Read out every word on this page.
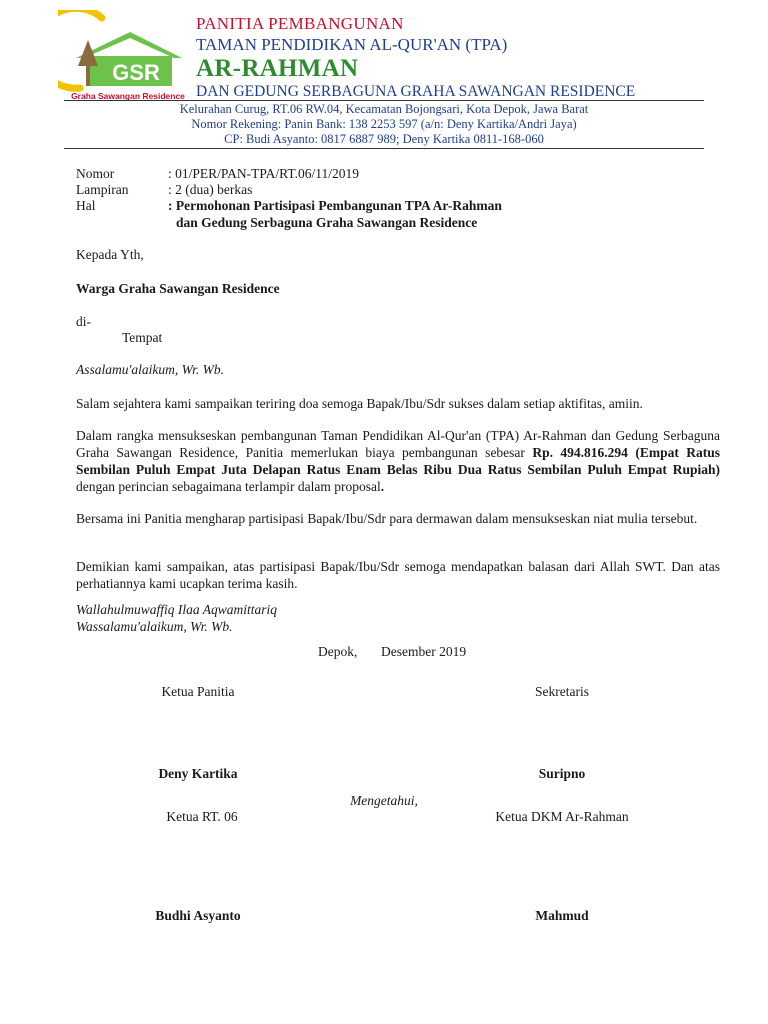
GSR
Graha Sawangan Residence
PANITIA PEMBANGUNAN
TAMAN PENDIDIKAN AL-QUR'AN (TPA)
AR-RAHMAN
DAN GEDUNG SERBAGUNA GRAHA SAWANGAN RESIDENCE
Kelurahan Curug, RT.06 RW.04, Kecamatan Bojongsari, Kota Depok, Jawa Barat
Nomor Rekening: Panin Bank: 138 2253 597 (a/n: Deny Kartika/Andri Jaya)
CP: Budi Asyanto: 0817 6887 989; Deny Kartika 0811-168-060
Nomor	: 01/PER/PAN-TPA/RT.06/11/2019
Lampiran	: 2 (dua) berkas
Hal	: Permohonan Partisipasi Pembangunan TPA Ar-Rahman
dan Gedung Serbaguna Graha Sawangan Residence
Kepada Yth,
Warga Graha Sawangan Residence
di-
Tempat
Assalamu'alaikum, Wr. Wb.
Salam sejahtera kami sampaikan teriring doa semoga Bapak/Ibu/Sdr sukses dalam setiap aktifitas, amiin.
Dalam rangka mensukseskan pembangunan Taman Pendidikan Al-Qur'an (TPA) Ar-Rahman dan Gedung Serbaguna Graha Sawangan Residence, Panitia memerlukan biaya pembangunan sebesar Rp. 494.816.294 (Empat Ratus Sembilan Puluh Empat Juta Delapan Ratus Enam Belas Ribu Dua Ratus Sembilan Puluh Empat Rupiah) dengan perincian sebagaimana terlampir dalam proposal.
Bersama ini Panitia mengharap partisipasi Bapak/Ibu/Sdr para dermawan dalam mensukseskan niat mulia tersebut.
Demikian kami sampaikan, atas partisipasi Bapak/Ibu/Sdr semoga mendapatkan balasan dari Allah SWT. Dan atas perhatiannya kami ucapkan terima kasih.
Wallahulmuwaffiq Ilaa Aqwamittariq
Wassalamu'alaikum, Wr. Wb.
Depok, Desember 2019
Ketua Panitia	Sekretaris
Deny Kartika	Suripno
Mengetahui,
Ketua RT. 06	Ketua DKM Ar-Rahman
Budhi Asyanto	Mahmud
